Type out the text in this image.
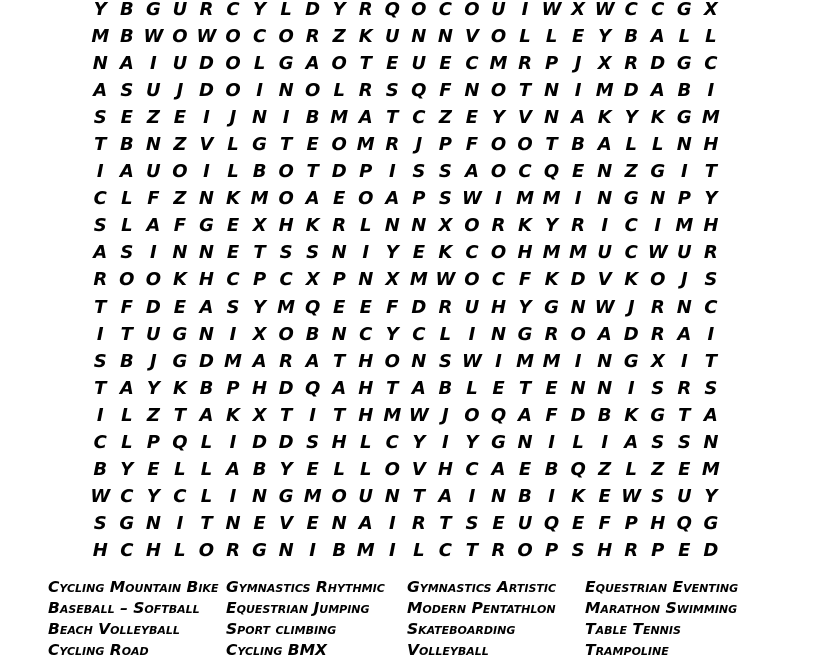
Y B G U R C Y L D Y R Q O C O U I W X W C C G X
M B W O W O C O R Z K U N N V O L L E Y B A L L
N A I U D O L G A O T E U E C M R P J X R D G C
A S U J D O I N O L R S Q F N O T N I M D A B I
S E Z E I	J N I B M A T C Z E Y V N A K Y K G M
T B N Z V L G T E O M R J P F O O T B A L L N H
I A U O I L B O T D P I S S A O C Q E N Z G I T
C L F Z N K M O A E O A P S W I M M I N G N P Y
S L A F G E X H K R L N N X O R K Y R I C I M H
A S I N N E T S S N I Y E K C O H M M U C W U R
R O O K H C P C X P N X M W O C F K D V K O J S
T F D E A S Y M Q E E F D R U H Y G N W J R N C
I T U G N I X O B N C Y C L I N G R O A D R A I
S B J G D M A R A T H O N S W I M M I N G X I T
T A Y K B P H D Q A H T A B L E T E N N I S R S
I L Z T A K X T I T H M W J O Q A F D B K G T A
C L P Q L I D D S H L C Y I Y G N I L I A S S N
B Y E L L A B Y E L L O V H C A E B Q Z L Z E M
W C Y C L I N G M O U N T A I N B I K E W S U Y
S G N I T N E V E N A I R T S E U Q E F P H Q G
H C H L O R G N I B M I L C T R O P S H R P E D
Cycling Mountain Bike
Baseball – Softball
Beach Volleyball
Cycling Road
Gymnastics Rhythmic
Equestrian Jumping
Sport climbing
Cycling BMX
Gymnastics Artistic
Modern Pentathlon
Skateboarding
Volleyball
Equestrian Eventing
Marathon Swimming
Table Tennis
Trampoline
